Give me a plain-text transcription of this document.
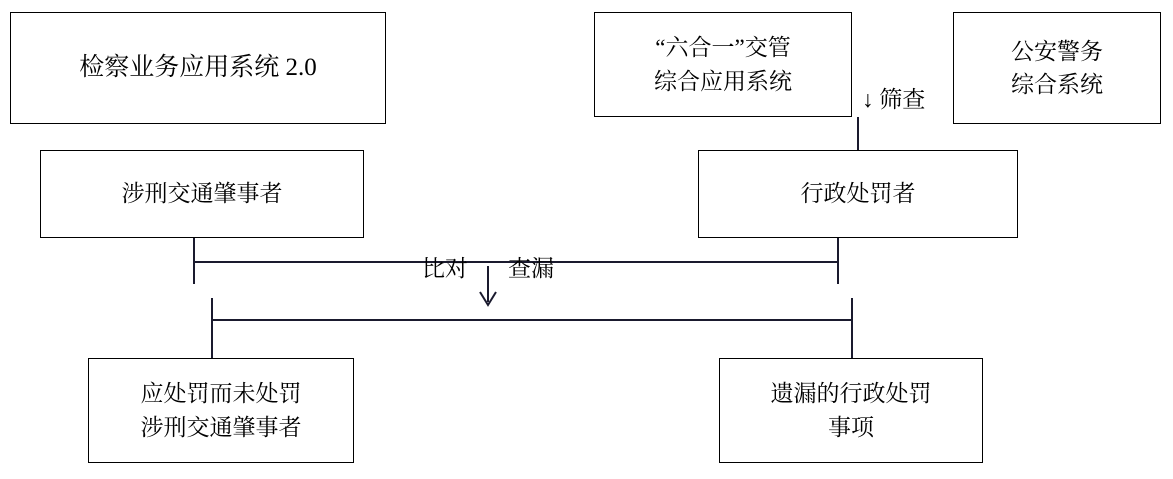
检察业务应用系统 2.0
“六合一”交管
综合应用系统
公安警务
综合系统
涉刑交通肇事者	行政处罚者
应处罚而未处罚
涉刑交通肇事者
遗漏的行政处罚
事项
↓ 筛查
比对 查漏
